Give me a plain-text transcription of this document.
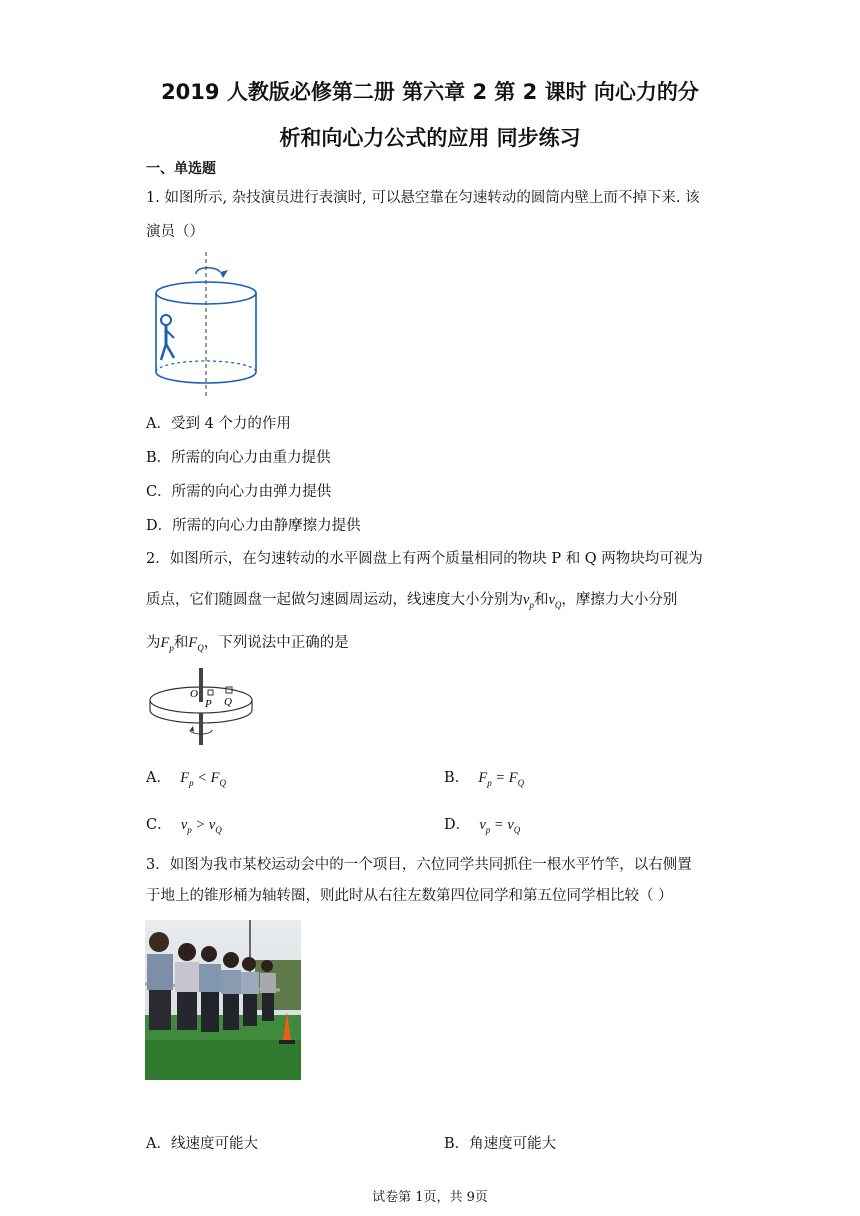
2019 人教版必修第二册 第六章 2 第 2 课时 向心力的分
析和向心力公式的应用 同步练习
一、单选题
1. 如图所示, 杂技演员进行表演时, 可以悬空靠在匀速转动的圆筒内壁上而不掉下来. 该
演员（）
A．受到 4 个力的作用
B．所需的向心力由重力提供
C．所需的向心力由弹力提供
D．所需的向心力由静摩擦力提供
2．如图所示，在匀速转动的水平圆盘上有两个质量相同的物块 P 和 Q 两物块均可视为
质点，它们随圆盘一起做匀速圆周运动，线速度大小分别为$v_p$和$v_Q$，摩擦力大小分别
为$F_p$和$F_Q$，下列说法中正确的是
O
P Q
A． $F_p < F_Q$	B． $F_p = F_Q$
C． $v_p > v_Q$	D． $v_p = v_Q$
3．如图为我市某校运动会中的一个项目，六位同学共同抓住一根水平竹竿，以右侧置
于地上的锥形桶为轴转圈，则此时从右往左数第四位同学和第五位同学相比较（ ）
A．线速度可能大	B．角速度可能大
试卷第 1页，共 9页
